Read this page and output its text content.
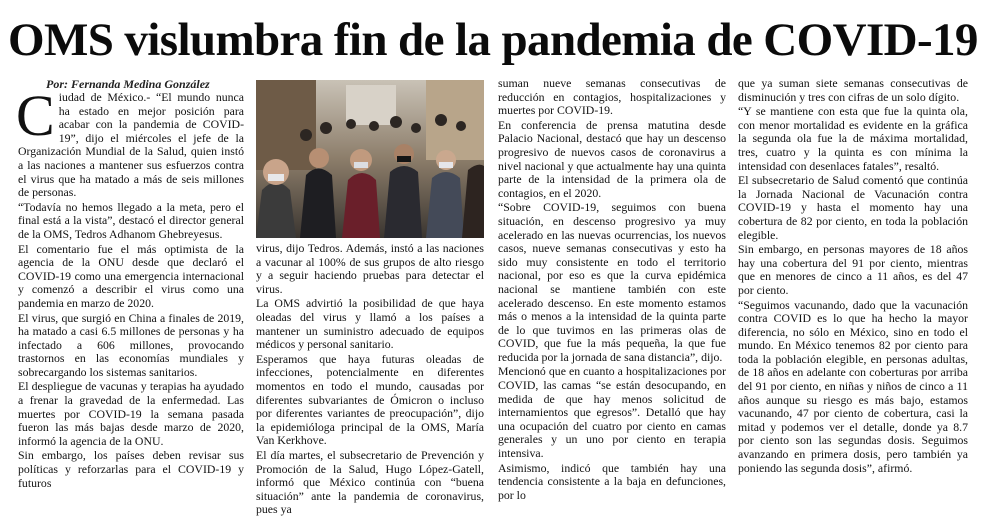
OMS vislumbra fin de la pandemia de COVID-19
Por: Fernanda Medina González

Ciudad de México.- “El mundo nunca ha estado en mejor posición para acabar con la pandemia de COVID-19”, dijo el miércoles el jefe de la Organización Mundial de la Salud, quien instó a las naciones a mantener sus esfuerzos contra el virus que ha matado a más de seis millones de personas.

“Todavía no hemos llegado a la meta, pero el final está a la vista”, destacó el director general de la OMS, Tedros Adhanom Ghebreyesus.

El comentario fue el más optimista de la agencia de la ONU desde que declaró el COVID-19 como una emergencia internacional y comenzó a describir el virus como una pandemia en marzo de 2020.

El virus, que surgió en China a finales de 2019, ha matado a casi 6.5 millones de personas y ha infectado a 606 millones, provocando trastornos en las economías mundiales y sobrecargando los sistemas sanitarios.

El despliegue de vacunas y terapias ha ayudado a frenar la gravedad de la enfermedad. Las muertes por COVID-19 la semana pasada fueron las más bajas desde marzo de 2020, informó la agencia de la ONU.

Sin embargo, los países deben revisar sus políticas y reforzarlas para el COVID-19 y futuros

virus, dijo Tedros. Además, instó a las naciones a vacunar al 100% de sus grupos de alto riesgo y a seguir haciendo pruebas para detectar el virus.

La OMS advirtió la posibilidad de que haya oleadas del virus y llamó a los países a mantener un suministro adecuado de equipos médicos y personal sanitario.

Esperamos que haya futuras oleadas de infecciones, potencialmente en diferentes momentos en todo el mundo, causadas por diferentes subvariantes de Ómicron o incluso por diferentes variantes de preocupación”, dijo la epidemióloga principal de la OMS, María Van Kerkhove.

El día martes, el subsecretario de Prevención y Promoción de la Salud, Hugo López-Gatell, informó que México continúa con “buena situación” ante la pandemia de coronavirus, pues ya

suman nueve semanas consecutivas de reducción en contagios, hospitalizaciones y muertes por COVID-19.

En conferencia de prensa matutina desde Palacio Nacional, destacó que hay un descenso progresivo de nuevos casos de coronavirus a nivel nacional y que actualmente hay una quinta parte de la intensidad de la primera ola de contagios, en el 2020.

“Sobre COVID-19, seguimos con buena situación, en descenso progresivo ya muy acelerado en las nuevas ocurrencias, los nuevos casos, nueve semanas consecutivas y esto ha sido muy consistente en todo el territorio nacional, por eso es que la curva epidémica nacional se mantiene también con este acelerado descenso. En este momento estamos más o menos a la intensidad de la quinta parte de lo que tuvimos en las primeras olas de COVID, que fue la más pequeña, la que fue reducida por la jornada de sana distancia”, dijo.

Mencionó que en cuanto a hospitalizaciones por COVID, las camas “se están desocupando, en medida de que hay menos solicitud de internamientos que egresos”. Detalló que hay una ocupación del cuatro por ciento en camas generales y un uno por ciento en terapia intensiva.

Asimismo, indicó que también hay una tendencia consistente a la baja en defunciones, por lo

que ya suman siete semanas consecutivas de disminución y tres con cifras de un solo dígito.

“Y se mantiene con esta que fue la quinta ola, con menor mortalidad es evidente en la gráfica la segunda ola fue la de máxima mortalidad, tres, cuatro y la quinta es con mínima la intensidad con desenlaces fatales”, resaltó.

El subsecretario de Salud comentó que continúa la Jornada Nacional de Vacunación contra COVID-19 y hasta el momento hay una cobertura de 82 por ciento, en toda la población elegible.

Sin embargo, en personas mayores de 18 años hay una cobertura del 91 por ciento, mientras que en menores de cinco a 11 años, es del 47 por ciento.

“Seguimos vacunando, dado que la vacunación contra COVID es lo que ha hecho la mayor diferencia, no sólo en México, sino en todo el mundo. En México tenemos 82 por ciento para toda la población elegible, en personas adultas, de 18 años en adelante con coberturas por arriba del 91 por ciento, en niñas y niños de cinco a 11 años aunque su riesgo es más bajo, estamos vacunando, 47 por ciento de cobertura, casi la mitad y podemos ver el detalle, donde ya 8.7 por ciento son las segundas dosis. Seguimos avanzando en primera dosis, pero también ya poniendo las segunda dosis”, afirmó.
